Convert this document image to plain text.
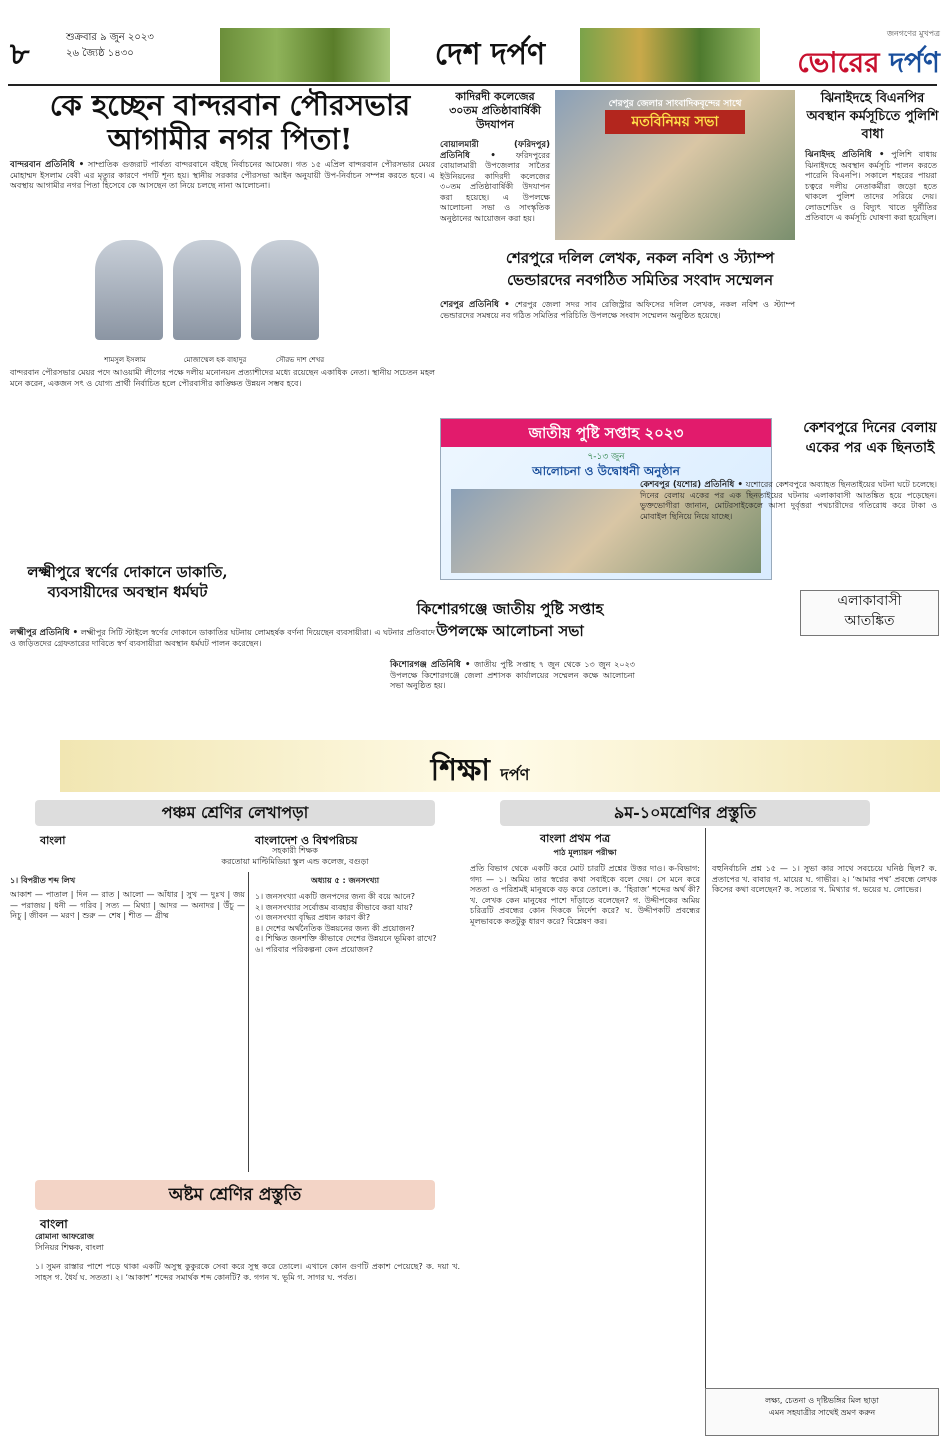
৮	শুক্রবার ৯ জুন ২০২৩
২৬ জ্যৈষ্ঠ ১৪৩০	দেশ দর্পণ
জনগণের মুখপত্র
ভোরের দর্পণ
কে হচ্ছেন বান্দরবান পৌরসভার আগামীর নগর পিতা!
বান্দরবান প্রতিনিধি • সাম্প্রতিক গুজরাট পার্বত্য বান্দরবানে বইছে নির্বাচনের আমেজ। গত ১৫ এপ্রিল বান্দরবান পৌরসভার মেয়র মোহাম্মদ ইসলাম বেবী এর মৃত্যুর কারণে পদটি শূন্য হয়। স্থানীয় সরকার পৌরসভা আইন অনুযায়ী উপ-নির্বাচন সম্পন্ন করতে হবে। এ অবস্থায় আগামীর নগর পিতা হিসেবে কে আসছেন তা নিয়ে চলছে নানা আলোচনা।
শামসুল ইসলাম	মোজাম্মেল হক বাহাদুর	সৌরভ দাশ শেখর
বান্দরবান পৌরসভার মেয়র পদে আওয়ামী লীগের পক্ষে দলীয় মনোনয়ন প্রত্যাশীদের মধ্যে রয়েছেন একাধিক নেতা। স্থানীয় সচেতন মহল মনে করেন, একজন সৎ ও যোগ্য প্রার্থী নির্বাচিত হলে পৌরবাসীর কাঙ্ক্ষিত উন্নয়ন সম্ভব হবে।
লক্ষ্মীপুরে স্বর্ণের দোকানে ডাকাতি, ব্যবসায়ীদের অবস্থান ধর্মঘট
লক্ষ্মীপুর প্রতিনিধি • লক্ষ্মীপুর সিটি স্টাইলে স্বর্ণের দোকানে ডাকাতির ঘটনায় লোমহর্ষক বর্ণনা দিয়েছেন ব্যবসায়ীরা। এ ঘটনার প্রতিবাদে ও জড়িতদের গ্রেফতারের দাবিতে স্বর্ণ ব্যবসায়ীরা অবস্থান ধর্মঘট পালন করেছেন।
কাদিরদী কলেজের ৩০তম প্রতিষ্ঠাবার্ষিকী উদযাপন
বোয়ালমারী (ফরিদপুর) প্রতিনিধি •	ফরিদপুরের বোয়ালমারী উপজেলার সাতৈর ইউনিয়নের কাদিরদী কলেজের ৩০তম প্রতিষ্ঠাবার্ষিকী উদযাপন করা হয়েছে। এ উপলক্ষে আলোচনা সভা ও সাংস্কৃতিক অনুষ্ঠানের আয়োজন করা হয়।
শেরপুর জেলার সাংবাদিকবৃন্দের সাথে
মতবিনিময় সভা
শেরপুরে দলিল লেখক, নকল নবিশ ও স্ট্যাম্প ভেন্ডারদের নবগঠিত সমিতির সংবাদ সম্মেলন
শেরপুর প্রতিনিধি • শেরপুর জেলা সদর সাব রেজিস্ট্রার অফিসের দলিল লেখক, নকল নবিশ ও স্ট্যাম্প ভেন্ডারদের সমন্বয়ে নব গঠিত সমিতির পরিচিতি উপলক্ষে সংবাদ সম্মেলন অনুষ্ঠিত হয়েছে।
ঝিনাইদহে বিএনপির অবস্থান কর্মসূচিতে পুলিশি বাধা
ঝিনাইদহ প্রতিনিধি • পুলিশি বাধায় ঝিনাইদহে অবস্থান কর্মসূচি পালন করতে পারেনি বিএনপি। সকালে শহরের পায়রা চত্বরে দলীয় নেতাকর্মীরা জড়ো হতে থাকলে পুলিশ তাদের সরিয়ে দেয়। লোডশেডিং ও বিদ্যুৎ খাতে দুর্নীতির প্রতিবাদে এ কর্মসূচি ঘোষণা করা হয়েছিল।
জাতীয় পুষ্টি সপ্তাহ ২০২৩
৭-১৩ জুন
আলোচনা ও উদ্বোধনী অনুষ্ঠান
কেশবপুরে দিনের বেলায় একের পর এক ছিনতাই
কেশবপুর (যশোর) প্রতিনিধি • যশোরের কেশবপুরে অব্যাহত ছিনতাইয়ের ঘটনা ঘটে চলেছে। দিনের বেলায় একের পর এক ছিনতাইয়ের ঘটনায় এলাকাবাসী আতঙ্কিত হয়ে পড়েছেন। ভুক্তভোগীরা জানান, মোটরসাইকেলে আসা দুর্বৃত্তরা পথচারীদের গতিরোধ করে টাকা ও মোবাইল ছিনিয়ে নিয়ে যাচ্ছে।
এলাকাবাসী
আতঙ্কিত
কিশোরগঞ্জে জাতীয় পুষ্টি সপ্তাহ উপলক্ষে আলোচনা সভা
কিশোরগঞ্জ প্রতিনিধি • জাতীয় পুষ্টি সপ্তাহ ৭ জুন থেকে ১৩ জুন ২০২৩ উপলক্ষে কিশোরগঞ্জে জেলা প্রশাসক কার্যালয়ের সম্মেলন কক্ষে আলোচনা সভা অনুষ্ঠিত হয়।
শিক্ষা দর্পণ
পঞ্চম শ্রেণির লেখাপড়া
বাংলা	বাংলাদেশ ও বিশ্বপরিচয়
সহকারী শিক্ষক
করতোয়া মাল্টিমিডিয়া স্কুল এন্ড কলেজ, বগুড়া
১। বিপরীত শব্দ লিখ
আকাশ — পাতাল | দিন — রাত | আলো — আঁধার | সুখ — দুঃখ | জয় — পরাজয় | ধনী — গরিব | সত্য — মিথ্যা | আদর — অনাদর | উঁচু — নিচু | জীবন — মরণ | শুরু — শেষ | শীত — গ্রীষ্ম
অধ্যায় ৫ : জনসংখ্যা
১। জনসংখ্যা একটি জনপদের জন্য কী বয়ে আনে?
২। জনসংখ্যার সর্বোত্তম ব্যবহার কীভাবে করা যায়?
৩। জনসংখ্যা বৃদ্ধির প্রধান কারণ কী?
৪। দেশের অর্থনৈতিক উন্নয়নের জন্য কী প্রয়োজন?
৫। শিক্ষিত জনশক্তি কীভাবে দেশের উন্নয়নে ভূমিকা রাখে?
৬। পরিবার পরিকল্পনা কেন প্রয়োজন?
অষ্টম শ্রেণির প্রস্তুতি
বাংলা
রোমানা আফরোজ
সিনিয়র শিক্ষক, বাংলা
১। সুমন রাস্তার পাশে পড়ে থাকা একটি অসুস্থ কুকুরকে সেবা করে সুস্থ করে তোলে। এখানে কোন গুণটি প্রকাশ পেয়েছে? ক. দয়া খ. সাহস গ. ধৈর্য ঘ. সততা। ২। ‘আকাশ’ শব্দের সমার্থক শব্দ কোনটি? ক. গগন খ. ভূমি গ. সাগর ঘ. পর্বত।
৯ম-১০মশ্রেণির প্রস্তুতি
বাংলা প্রথম পত্র
পাঠ মূল্যায়ন পরীক্ষা
প্রতি বিভাগ থেকে একটি করে মোট চারটি প্রশ্নের উত্তর দাও। ক-বিভাগ: গদ্য — ১। অমিয় তার স্বপ্নের কথা সবাইকে বলে দেয়। সে মনে করে সততা ও পরিশ্রমই মানুষকে বড় করে তোলে। ক. ‘হিরাজ’ শব্দের অর্থ কী? খ. লেখক কেন মানুষের পাশে দাঁড়াতে বলেছেন? গ. উদ্দীপকের অমিয় চরিত্রটি প্রবন্ধের কোন দিককে নির্দেশ করে? ঘ. উদ্দীপকটি প্রবন্ধের মূলভাবকে কতটুকু ধারণ করে? বিশ্লেষণ কর।
বহুনির্বাচনি প্রশ্ন ১৫ — ১। সুভা কার সাথে সবচেয়ে ঘনিষ্ঠ ছিল? ক. প্রতাপের খ. বাবার গ. মায়ের ঘ. গাভীর। ২। ‘আমার পথ’ প্রবন্ধে লেখক কিসের কথা বলেছেন? ক. সত্যের খ. মিথ্যার গ. ভয়ের ঘ. লোভের।
লক্ষ্য, চেতনা ও দৃষ্টিভঙ্গির মিল ছাড়া
এমন সহযাত্রীর সাথেই ভ্রমণ করুন
